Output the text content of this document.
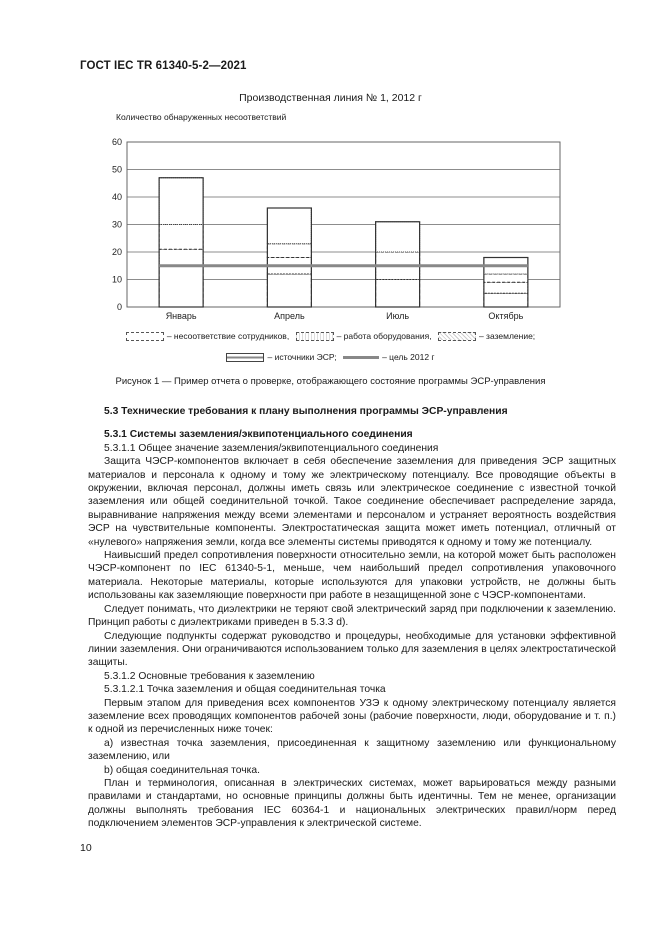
ГОСТ IEC TR 61340-5-2—2021
Производственная линия № 1, 2012 г
Количество обнаруженных несоответствий
0
10
20
30
40
50
60
Январь	Апрель	Июль	Октябрь
– несоответствие сотрудников,	– работа оборудования,	– заземление;
– источники ЭСР;	– цель 2012 г
Рисунок 1 — Пример отчета о проверке, отображающего состояние программы ЭСР-управления

5.3 Технические требования к плану выполнения программы ЭСР-управления

5.3.1 Системы заземления/эквипотенциального соединения

5.3.1.1 Общее значение заземления/эквипотенциального соединения

Защита ЧЭСР-компонентов включает в себя обеспечение заземления для приведения ЭСР защитных материалов и персонала к одному и тому же электрическому потенциалу. Все проводящие объекты в окружении, включая персонал, должны иметь связь или электрическое соединение с известной точкой заземления или общей соединительной точкой. Такое соединение обеспечивает распределение заряда, выравнивание напряжения между всеми элементами и персоналом и устраняет вероятность воздействия ЭСР на чувствительные компоненты. Электростатическая защита может иметь потенциал, отличный от «нулевого» напряжения земли, когда все элементы системы приводятся к одному и тому же потенциалу.

Наивысший предел сопротивления поверхности относительно земли, на которой может быть расположен ЧЭСР-компонент по IEC 61340-5-1, меньше, чем наибольший предел сопротивления упаковочного материала. Некоторые материалы, которые используются для упаковки устройств, не должны быть использованы как заземляющие поверхности при работе в незащищенной зоне с ЧЭСР-компонентами.

Следует понимать, что диэлектрики не теряют свой электрический заряд при подключении к заземлению. Принцип работы с диэлектриками приведен в 5.3.3 d).

Следующие подпункты содержат руководство и процедуры, необходимые для установки эффективной линии заземления. Они ограничиваются использованием только для заземления в целях электростатической защиты.

5.3.1.2 Основные требования к заземлению

5.3.1.2.1 Точка заземления и общая соединительная точка

Первым этапом для приведения всех компонентов УЗЭ к одному электрическому потенциалу является заземление всех проводящих компонентов рабочей зоны (рабочие поверхности, люди, оборудование и т. п.) к одной из перечисленных ниже точек:

a) известная точка заземления, присоединенная к защитному заземлению или функциональному заземлению, или

b) общая соединительная точка.

План и терминология, описанная в электрических системах, может варьироваться между разными правилами и стандартами, но основные принципы должны быть идентичны. Тем не менее, организации должны выполнять требования IEC 60364-1 и национальных электрических правил/норм перед подключением элементов ЭСР-управления к электрической системе.

10
